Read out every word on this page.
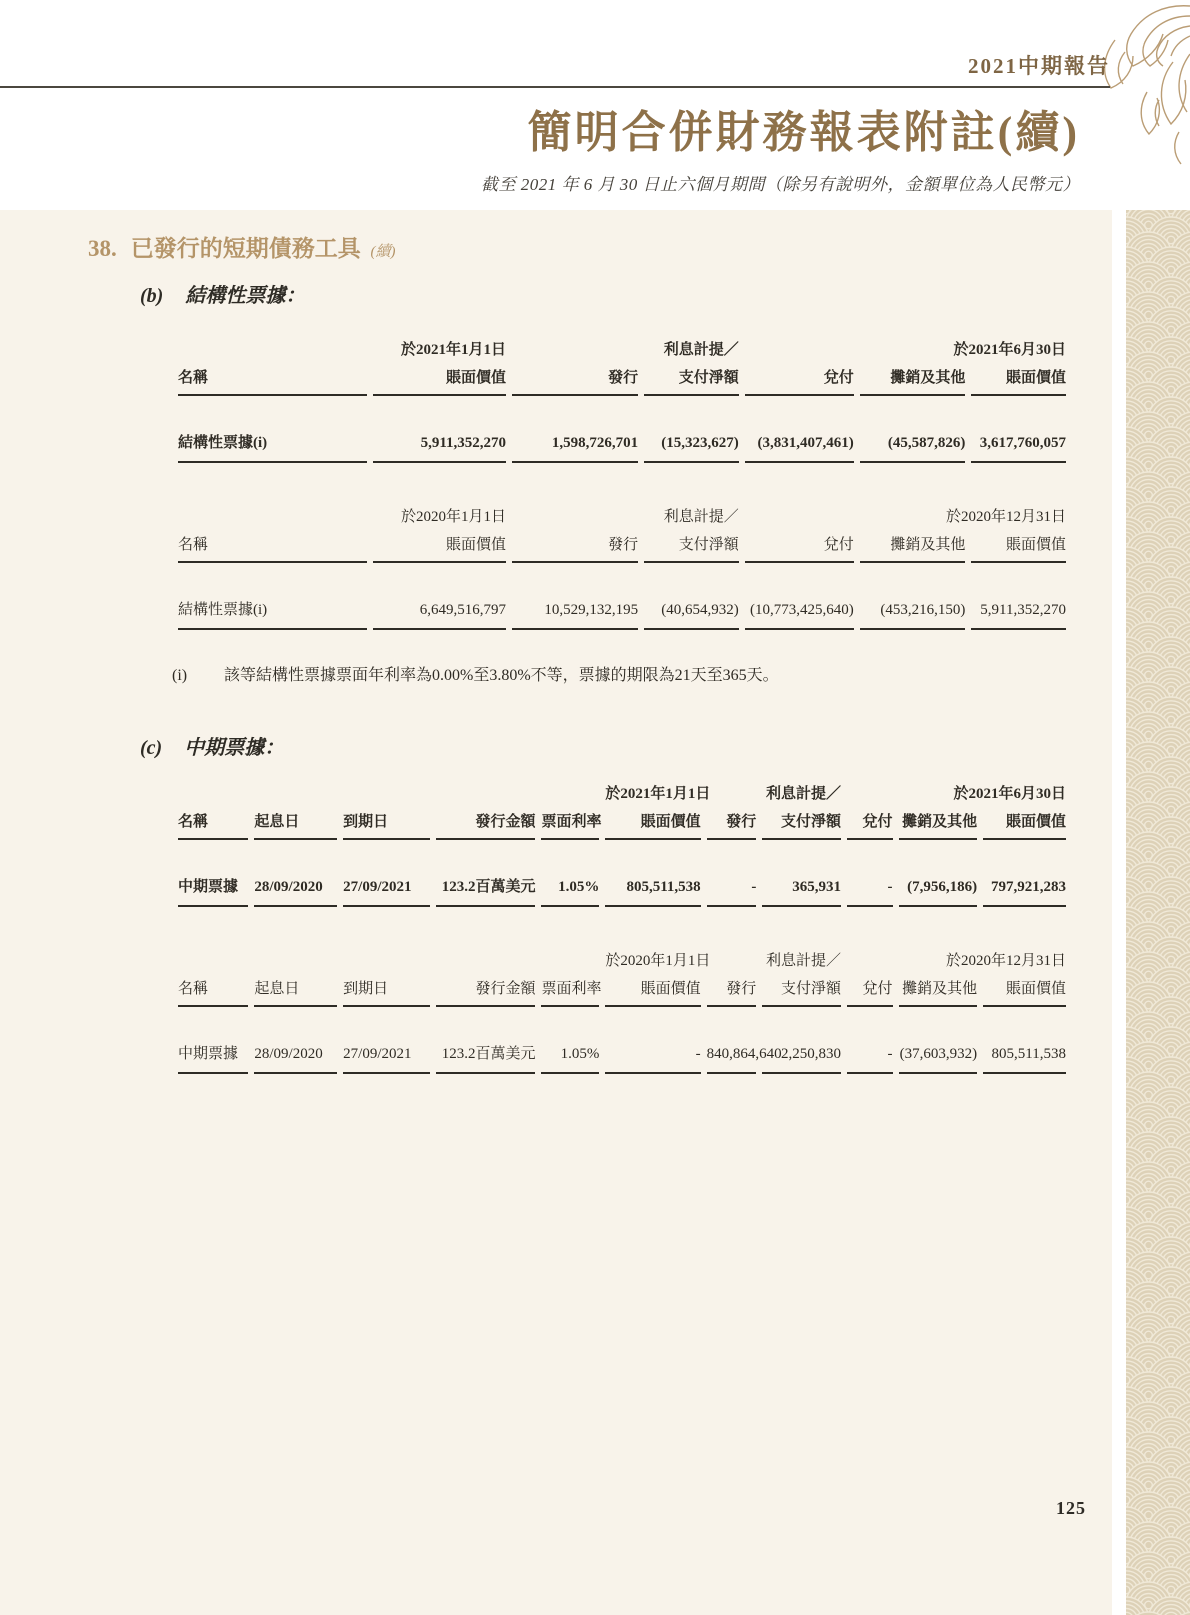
2021中期報告
簡明合併財務報表附註(續)
截至 2021 年 6 月 30 日止六個月期間（除另有說明外，金額單位為人民幣元）
38. 已發行的短期債務工具 (續)
(b) 結構性票據：
	於2021年1月1日		利息計提／		於2021年6月30日	
名稱	賬面價值	發行	支付淨額	兌付	攤銷及其他	賬面價值

結構性票據(i)	5,911,352,270	1,598,726,701	(15,323,627)	(3,831,407,461)	(45,587,826)	3,617,760,057
	於2020年1月1日		利息計提／		於2020年12月31日	
名稱	賬面價值	發行	支付淨額	兌付	攤銷及其他	賬面價值

結構性票據(i)	6,649,516,797	10,529,132,195	(40,654,932)	(10,773,425,640)	(453,216,150)	5,911,352,270
(i) 該等結構性票據票面年利率為0.00%至3.80%不等，票據的期限為21天至365天。
(c) 中期票據：
					於2021年1月1日		利息計提／		於2021年6月30日	
名稱	起息日	到期日	發行金額	票面利率	賬面價值	發行	支付淨額	兌付	攤銷及其他	賬面價值

中期票據	28/09/2020	27/09/2021	123.2百萬美元	1.05%	805,511,538	-	365,931	-	(7,956,186)	797,921,283
					於2020年1月1日		利息計提／		於2020年12月31日	
名稱	起息日	到期日	發行金額	票面利率	賬面價值	發行	支付淨額	兌付	攤銷及其他	賬面價值

中期票據	28/09/2020	27/09/2021	123.2百萬美元	1.05%	-	840,864,640	2,250,830	-	(37,603,932)	805,511,538
125
